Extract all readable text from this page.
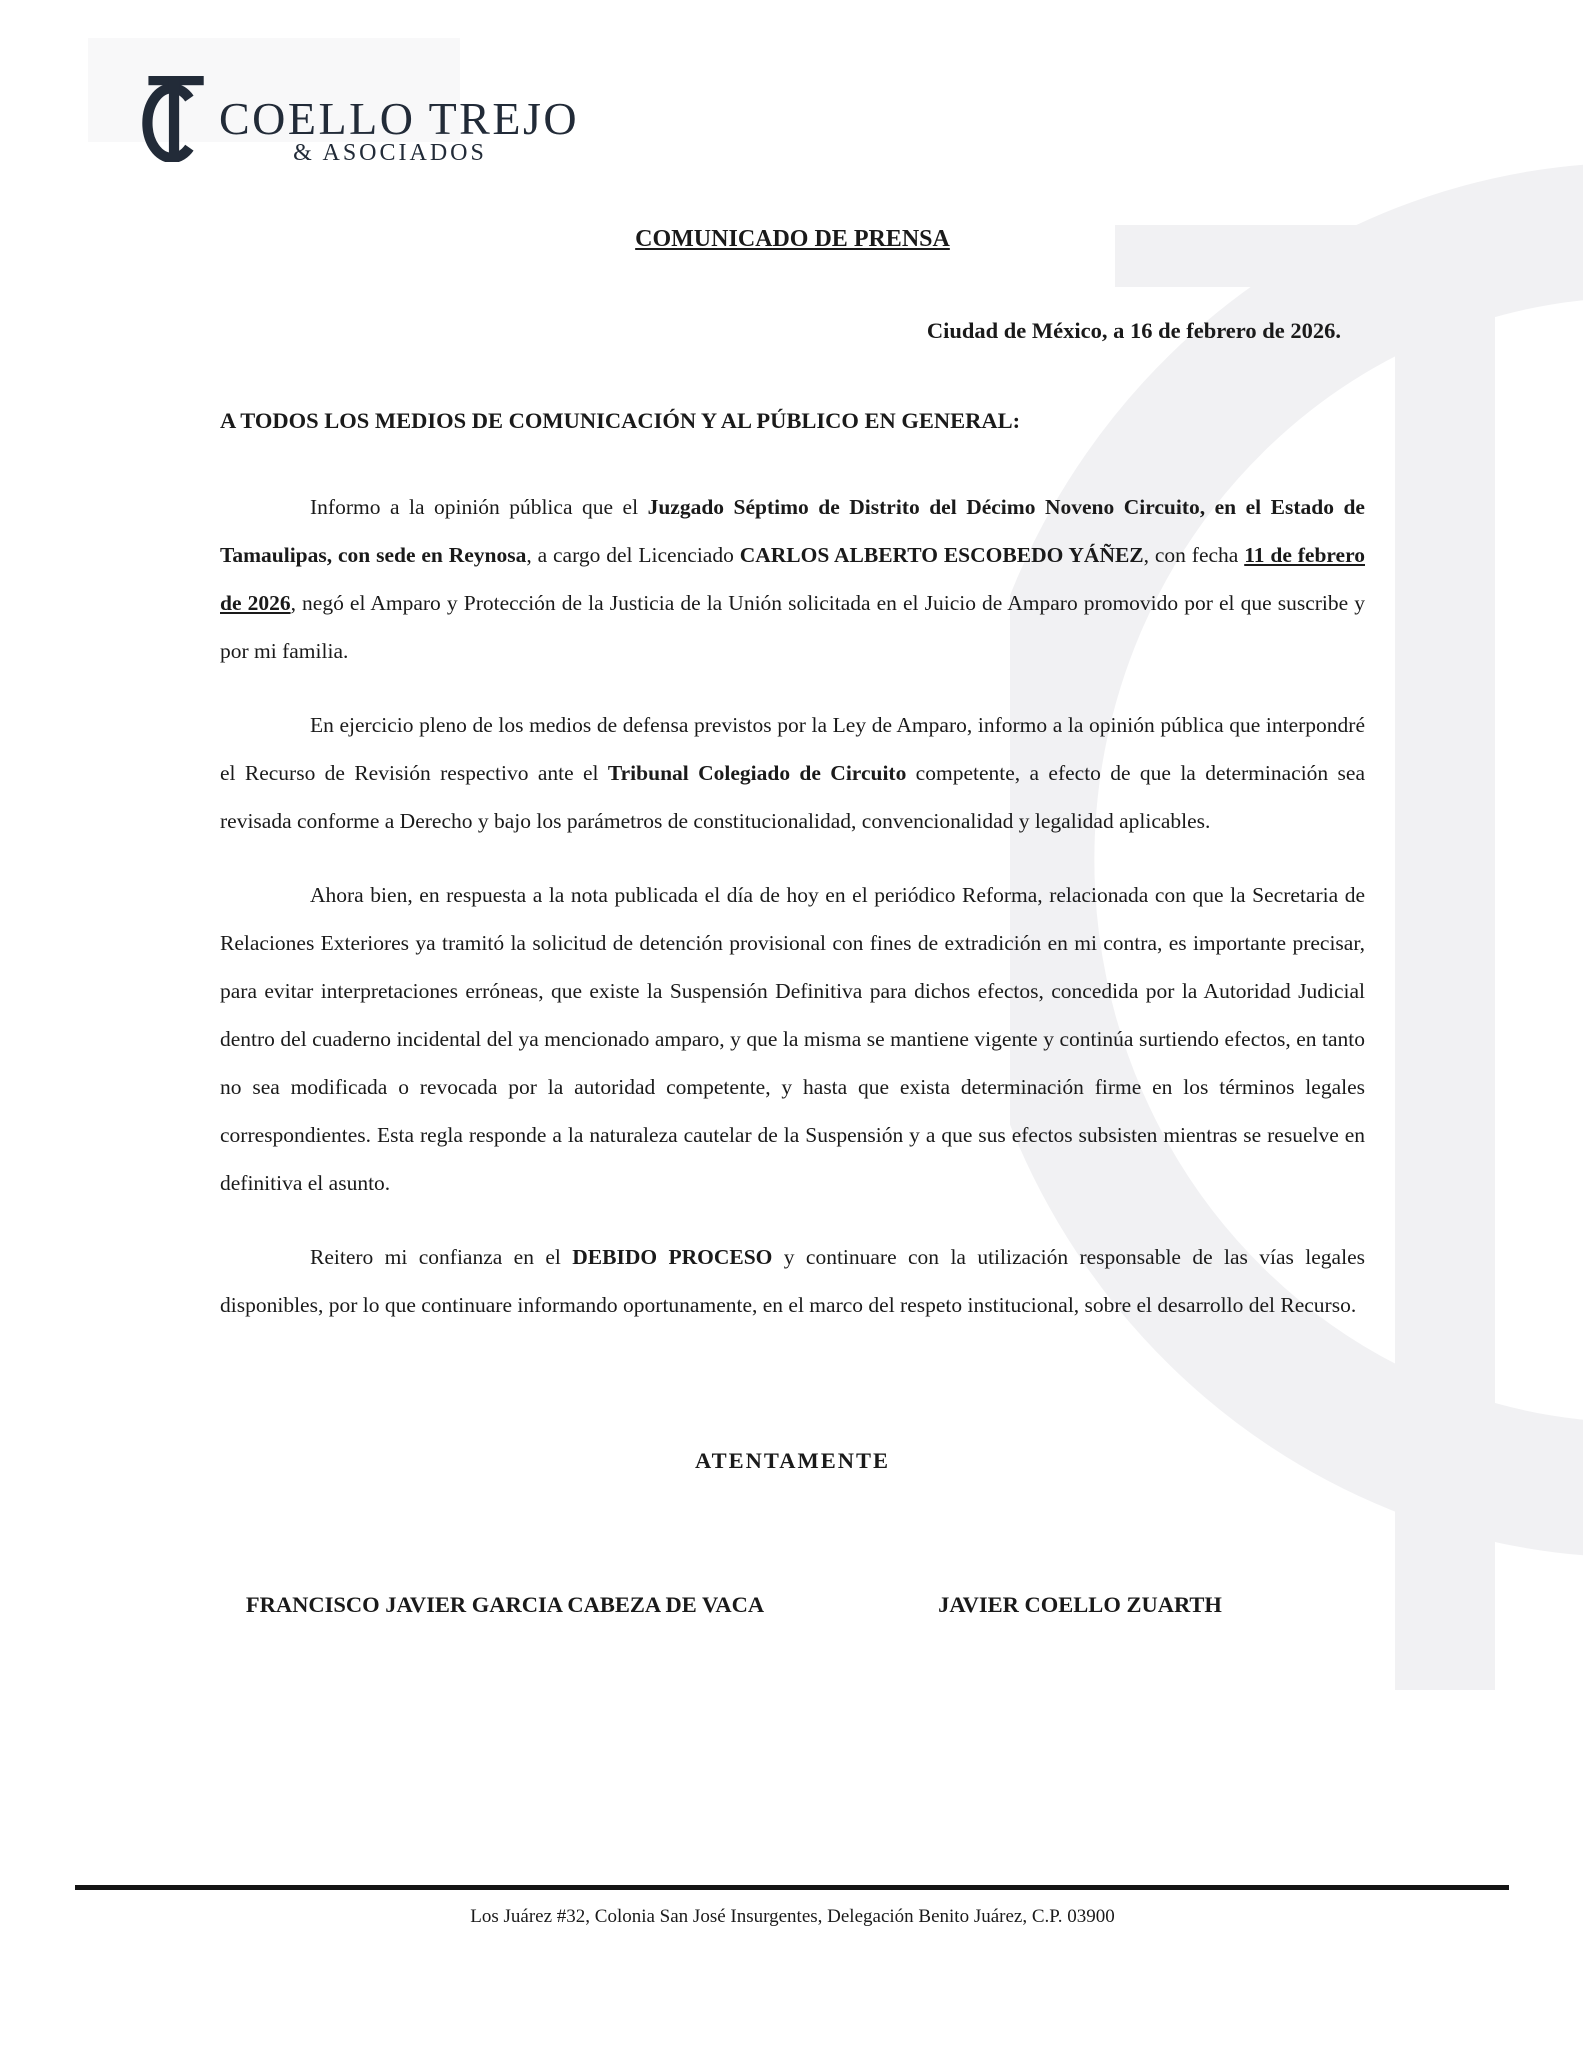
COELLO TREJO
& ASOCIADOS
COMUNICADO DE PRENSA
Ciudad de México, a 16 de febrero de 2026.
A TODOS LOS MEDIOS DE COMUNICACIÓN Y AL PÚBLICO EN GENERAL:

Informo a la opinión pública que el Juzgado Séptimo de Distrito del Décimo Noveno Circuito, en el Estado de Tamaulipas, con sede en Reynosa, a cargo del Licenciado CARLOS ALBERTO ESCOBEDO YÁÑEZ, con fecha 11 de febrero de 2026, negó el Amparo y Protección de la Justicia de la Unión solicitada en el Juicio de Amparo promovido por el que suscribe y por mi familia.

En ejercicio pleno de los medios de defensa previstos por la Ley de Amparo, informo a la opinión pública que interpondré el Recurso de Revisión respectivo ante el Tribunal Colegiado de Circuito competente, a efecto de que la determinación sea revisada conforme a Derecho y bajo los parámetros de constitucionalidad, convencionalidad y legalidad aplicables.

Ahora bien, en respuesta a la nota publicada el día de hoy en el periódico Reforma, relacionada con que la Secretaria de Relaciones Exteriores ya tramitó la solicitud de detención provisional con fines de extradición en mi contra, es importante precisar, para evitar interpretaciones erróneas, que existe la Suspensión Definitiva para dichos efectos, concedida por la Autoridad Judicial dentro del cuaderno incidental del ya mencionado amparo, y que la misma se mantiene vigente y continúa surtiendo efectos, en tanto no sea modificada o revocada por la autoridad competente, y hasta que exista determinación firme en los términos legales correspondientes. Esta regla responde a la naturaleza cautelar de la Suspensión y a que sus efectos subsisten mientras se resuelve en definitiva el asunto.

Reitero mi confianza en el DEBIDO PROCESO y continuare con la utilización responsable de las vías legales disponibles, por lo que continuare informando oportunamente, en el marco del respeto institucional, sobre el desarrollo del Recurso.

ATENTAMENTE
FRANCISCO JAVIER GARCIA CABEZA DE VACA	JAVIER COELLO ZUARTH
Los Juárez #32, Colonia San José Insurgentes, Delegación Benito Juárez, C.P. 03900
